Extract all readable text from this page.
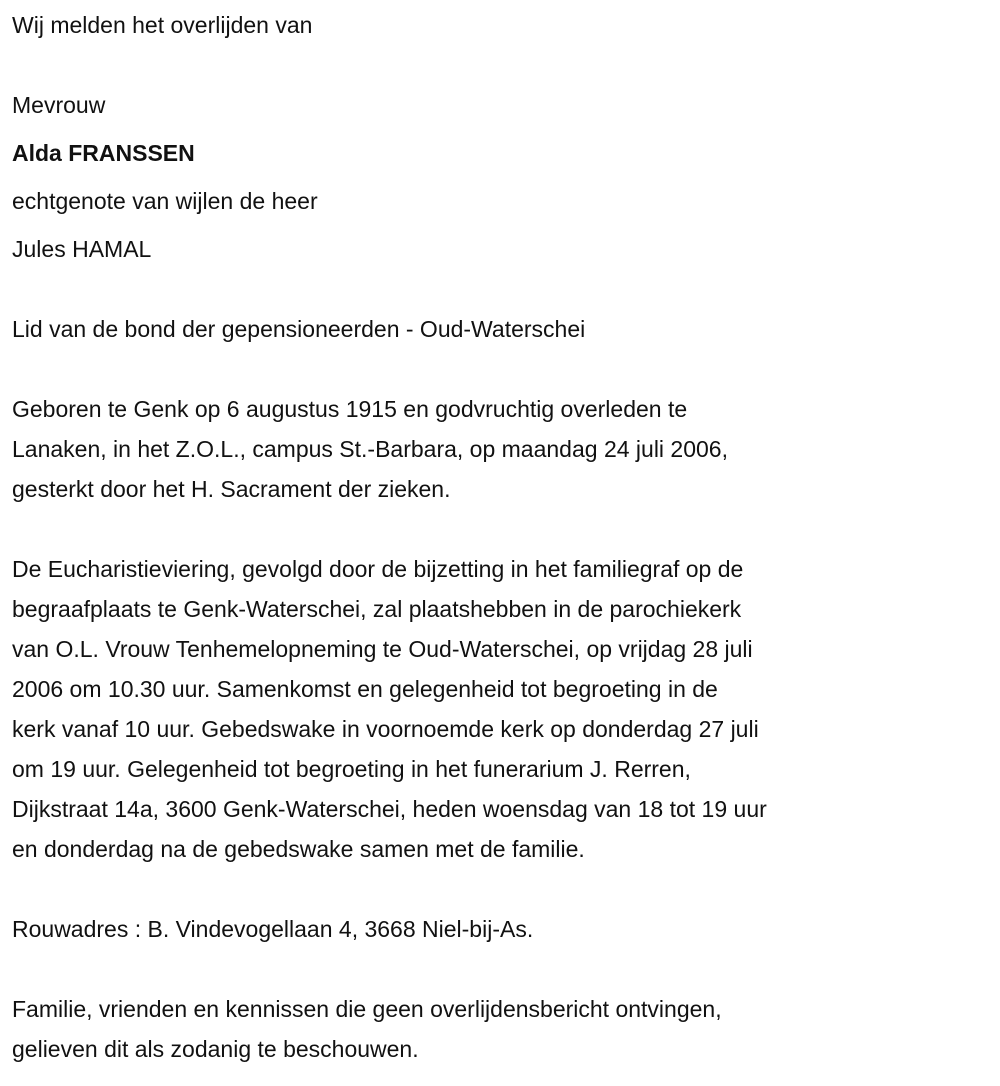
Wij melden het overlijden van
Mevrouw
Alda FRANSSEN
echtgenote van wijlen de heer
Jules HAMAL
Lid van de bond der gepensioneerden - Oud-Waterschei
Geboren te Genk op 6 augustus 1915 en godvruchtig overleden te
Lanaken, in het Z.O.L., campus St.-Barbara, op maandag 24 juli 2006,
gesterkt door het H. Sacrament der zieken.
De Eucharistieviering, gevolgd door de bijzetting in het familiegraf op de
begraafplaats te Genk-Waterschei, zal plaatshebben in de parochiekerk
van O.L. Vrouw Tenhemelopneming te Oud-Waterschei, op vrijdag 28 juli
2006 om 10.30 uur. Samenkomst en gelegenheid tot begroeting in de
kerk vanaf 10 uur. Gebedswake in voornoemde kerk op donderdag 27 juli
om 19 uur. Gelegenheid tot begroeting in het funerarium J. Rerren,
Dijkstraat 14a, 3600 Genk-Waterschei, heden woensdag van 18 tot 19 uur
en donderdag na de gebedswake samen met de familie.
Rouwadres : B. Vindevogellaan 4, 3668 Niel-bij-As.
Familie, vrienden en kennissen die geen overlijdensbericht ontvingen,
gelieven dit als zodanig te beschouwen.
